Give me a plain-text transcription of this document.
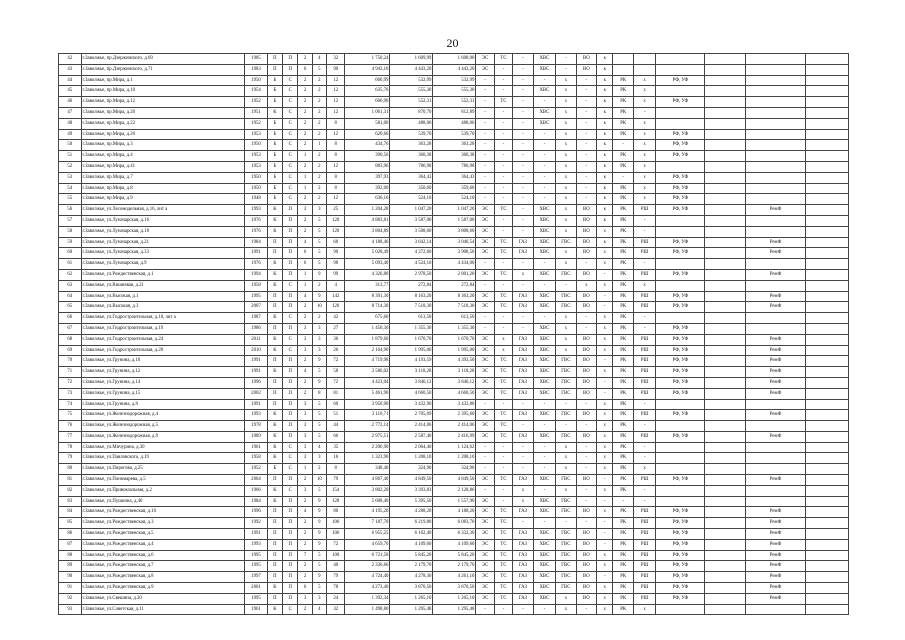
20
42	г.Заволжье, пр.Дзержинского, д.69	1985	П	П	2	4	32	1 750,24	1 609,99	1 608,00	ЭС	ТС	-	ХВС	-	ВО	к						
43	г.Заволжье, пр.Дзержинского, д.71	1983	П	П	6	5	90	4 943,10	4 443,20	4 443,20	ЭС	-	-	ХВС	-	ВО	к						
44	г.Заволжье, пр.Мира, д.1	1950	Б	С	2	2	12	600,99	532,99	532,99	-	-	-	-	х	-	к	РК	х	РФ, УФ			
45	г.Заволжье, пр.Мира, д.10	1954	Б	С	2	2	12	635,76	555,30	555,30	-	-	-	ХВС	х	-	к	РК	х				
46	г.Заволжье, пр.Мира, д.12	1952	Б	С	2	2	12	606,90	552,31	552,31	-	ТС	-	-	х	-	к	РК	х	РФ, УФ			
47	г.Заволжье, пр.Мира, д.20	1951	К	С	2	2	12	1 061,31	870,70	812,89	-	-	-	ХВС	х	-	к	РК	-				
48	г.Заволжье, пр.Мира, д.22	1952	Б	С	2	2	8	581,00	488,06	488,06	-	-	-	ХВС	х	-	к	РК	х				
49	г.Заволжье, пр.Мира, д.26	1953	Б	С	2	2	12	620,66	539,70	539,70	-	-	-	-	х	-	к	РК	х	РФ, УФ			
50	г.Заволжье, пр.Мира, д.3	1950	Б	С	2	1	8	434,76	363,28	363,28	-	-	-	-	х	-	к	-	х	РФ, УФ			
51	г.Заволжье, пр.Мира, д.4	1953	Б	С	1	2	8	390,56	360,38	360,38	-	-	-	-	х	-	к	РК	х	РФ, УФ			
52	г.Заволжье, пр.Мира, д.41	1953	Б	С	2	2	12	883,96	786,98	786,98	-	-	-	-	х	-	к	РК	х				
53	г.Заволжье, пр.Мира, д.7	1950	Б	С	1	2	8	397,93	364,43	364,43	-	-	-	-	х	-	к	-	х	РФ, УФ			
54	г.Заволжье, пр.Мира, д.8	1950	Б	С	1	2	8	392,00	350,60	359,60	-	-	-	-	х	-	к	РК	х	РФ, УФ			
55	г.Заволжье, пр.Мира, д.9	1948	Б	С	2	2	12	636,10	524,10	524,10	-	-	-	-	х	-	к	РК	х	РФ, УФ			
56	г.Заволжье, ул.Лесомодельная, д.16, лит а	1993	К	П	3	3	25	1 204,28	1 047,20	1 047,20	ЭС	ТС	-	ХВС	х	ВО	к	РК	РШ	РФ, УФ		РемФ	
57	г.Заволжье, ул.Луначарская, д.16	1976	К	П	2	5	120	4 883,81	3 587,00	1 587,00	ЭС	-	-	ХВС	х	ВО	к	РК	-				
58	г.Заволжье, ул.Луначарская, д.18	1976	К	П	2	5	120	3 804,89	3 508,60	3 808,60	ЭС	-	-	ХВС	х	ВО	х	РК	-				
59	г.Заволжье, ул.Луначарская, д.21	1984	П	П	4	5	60	4 188,46	3 642,14	3 046,54	ЭС	ТС	ГАЗ	ХВС	ГВС	ВО	к	РК	РШ	РФ, УФ		РемФ	
60	г.Заволжье, ул.Луначарская, д.33	1991	П	П	6	5	90	5 028,49	4 372,60	3 908,50	ЭС	ТС	ГАЗ	ХВС	х	ВО	х	РК	РШ	РФ, УФ		РемФ	
61	г.Заволжье, ул.Луначарская, д.9	1976	К	П	6	5	98	5 093,40	4 524,10	4 434,00	-	-	-	-	х	-	х	РК	-				
62	г.Заволжье, ул.Рождественская, д.1	1994	К	П	1	9	99	4 326,80	2 978,50	2 801,20	ЭС	ТС	х	ХВС	ГВС	ВО	-	РК	РШ	РФ, УФ		РемФ	
63	г.Заволжье, ул.Вишневая, д.21	1958	К	С	1	2	4	313,77	272,84	272,84	-	-	-	-	-	х	х	РК	х				
64	г.Заволжье, ул.Высокая, д.1	1995	П	П	4	9	142	8 391,30	8 163,20	8 363,20	ЭС	ТС	ГАЗ	ХВС	ГВС	ВО	-	РК	РШ	РФ, УФ		РемФ	
65	г.Заволжье, ул.Высокая, д.3	2007	П	П	2	10	120	8 714,30	7 518,30	7 518,30	ЭС	ТС	ГАЗ	ХВС	ГВС	ВО	-	РК	РШ	РФ, УФ		РемФ	
66	г.Заволжье, ул.Гидростроительная, д.10, лит а	1987	К	С	2	2	42	675,60	613,50	613,50	-	-	-	-	х	-	х	РК	-				
67	г.Заволжье, ул.Гидростроительная, д.19	1986	П	П	3	3	27	1 450,30	1 355,30	1 355,30	-	-	-	ХВС	х	-	х	РК	-	РФ, УФ			
68	г.Заволжье, ул.Гидростроительная, д.24	2011	К	С	3	3	36	1 879,60	1 670,70	1 670,70	ЭС	х	ГАЗ	ХВС	х	ВО	х	РК	РШ	РФ, УФ		РемФ	
69	г.Заволжье, ул.Гидростроительная, д.28	2010	К	С	3	3	26	2 164,90	1 995,00	1 995,00	ЭС	х	ГАЗ	ХВС	х	ВО	х	РК	РШ	РФ, УФ		РемФ	
70	г.Заволжье, ул.Грунина, д.10	1991	П	П	2	9	72	4 719,98	4 193,59	4 393,50	ЭС	ТС	ГАЗ	ХВС	ГВС	ВО	-	РК	РШ	РФ, УФ		РемФ	
71	г.Заволжье, ул.Грунина, д.12	1991	К	П	4	5	58	3 586,02	3 118,28	3 118,28	ЭС	ТС	ГАЗ	ХВС	ГВС	ВО	х	РК	РШ	РФ, УФ		РемФ	
72	г.Заволжье, ул.Грунина, д.14	1996	П	П	2	9	72	4 423,04	3 846,12	3 846,12	ЭС	ТС	ГАЗ	ХВС	ГВС	ВО	-	РК	РШ	РФ, УФ		РемФ	
73	г.Заволжье, ул.Грунина, д.15	2002	П	П	2	8	81	5 461,90	4 660,50	4 660,50	ЭС	ТС	ГАЗ	ХВС	ГВС	ВО	-	РК	РШ	РФ, УФ		РемФ	
74	г.Заволжье, ул.Грунина, д.8	1991	П	П	3	5	60	3 950,90	3 432,90	3 432,80	-	-	-	-	-	-	х	РК	-				
75	г.Заволжье, ул.Железнодорожная, д.4	1993	К	П	3	5	51	3 110,71	2 705,09	2 395,60	ЭС	ТС	ГАЗ	ХВС	ГВС	ВО	х	РК	РШ	РФ, УФ		РемФ	
76	г.Заволжье, ул.Железнодорожная, д.5	1978	К	П	3	5	44	2 772,14	2 414,06	2 414,06	ЭС	ТС	-	-	-	-	х	РК	-				
77	г.Заволжье, ул.Железнодорожная, д.9	1989	К	П	3	5	66	2 975,51	2 587,40	2 416,99	ЭС	ТС	ГАЗ	ХВС	ГВС	ВО	х	РК	РШ	РФ, УФ		РемФ	
78	г.Заволжье, ул.Мичурина, д.30	1961	К	С	3	4	35	2 206,90	2 064,40	1 124,62	-	-	-	-	х	-	х	РК	-				
79	г.Заволжье, ул.Павловского, д.19	1958	К	С	3	3	16	1 323,90	1 208,10	1 208,10	-	-	-	-	х	-	х	РК	-				
80	г.Заволжье, ул.Пирогова, д.25	1952	Б	С	1	2	8	348,40	324,90	324,90	-	-	-	-	х	-	х	РК	х				
81	г.Заволжье, ул.Пономарева, д.5	2004	П	П	2	10	79	4 867,40	4 849,50	4 849,50	ЭС	ТС	ГАЗ	ХВС	ГВС	ВО	-	РК	РШ	РФ, УФ		РемФ	
82	г.Заволжье, ул.Привокзальная, д.2	1966	К	С	3	5	154	3 802,20	3 393,83	2 128,86	-	-	х	-	х	-	х	РК	-				
83	г.Заволжье, ул.Пушкина, д.40	1984	К	П	2	9	128	5 608,40	5 395,50	1 557,90	ЭС	-	х	ХВС	ГВС	-	-	-	-				
84	г.Заволжье, ул.Рождественская, д.10	1996	П	П	4	9	80	4 195,20	4 288,20	4 188,20	ЭС	ТС	ГАЗ	ХВС	ГВС	ВО	х	РК	РШ	РФ, УФ		РемФ	
85	г.Заволжье, ул.Рождественская, д.3	1992	П	П	2	9	106	7 187,70	6 219,80	6 083,70	ЭС	ТС	-	-	-	-	-	РК	РШ	РФ, УФ		РемФ	
86	г.Заволжье, ул.Рождественская, д.5	1991	П	П	2	9	106	6 955,25	6 162,40	6 332,30	ЭС	ТС	ГАЗ	ХВС	ГВС	ВО	-	РК	РШ	РФ, УФ		РемФ	
87	г.Заволжье, ул.Рождественская, д.4	1993	П	П	2	9	72	4 659,70	4 109,60	4 109,60	ЭС	ТС	ГАЗ	ХВС	ГВС	ВО	-	РК	РШ	РФ, УФ		РемФ	
88	г.Заволжье, ул.Рождественская, д.6	1995	П	П	7	5	100	6 721,58	5 845,20	5 845,20	ЭС	ТС	ГАЗ	ХВС	ГВС	ВО	х	РК	РШ	РФ, УФ		РемФ	
89	г.Заволжье, ул.Рождественская, д.7	1995	П	П	2	5	40	2 336,66	2 179,70	2 179,70	ЭС	ТС	ГАЗ	ХВС	ГВС	ВО	х	РК	РШ	РФ, УФ		РемФ	
90	г.Заволжье, ул.Рождественская, д.8	1997	П	П	2	9	79	4 724,40	4 278,30	4 261,10	ЭС	ТС	ГАЗ	ХВС	ГВС	ВО	-	РК	РШ	РФ, УФ		РемФ	
91	г.Заволжье, ул.Рождественская, д.9	2001	К	П	6	5	78	4 273,40	3 870,50	3 870,50	ЭС	ТС	ГАЗ	ХВС	ГВС	ВО	х	РК	РШ	РФ, УФ		РемФ	
92	г.Заволжье, ул.Свешина, д.20	1995	П	П	3	3	24	1 392,34	1 265,10	1 265,10	ЭС	ТС	ГАЗ	ХВС	х	ВО	х	РК	РШ	РФ, УФ		РемФ	
93	г.Заволжье, ул.Советская, д.11	1961	К	С	2	4	32	1 498,80	1 295,48	1 295,48	-	-	-	-	х	-	х	РК	х				
